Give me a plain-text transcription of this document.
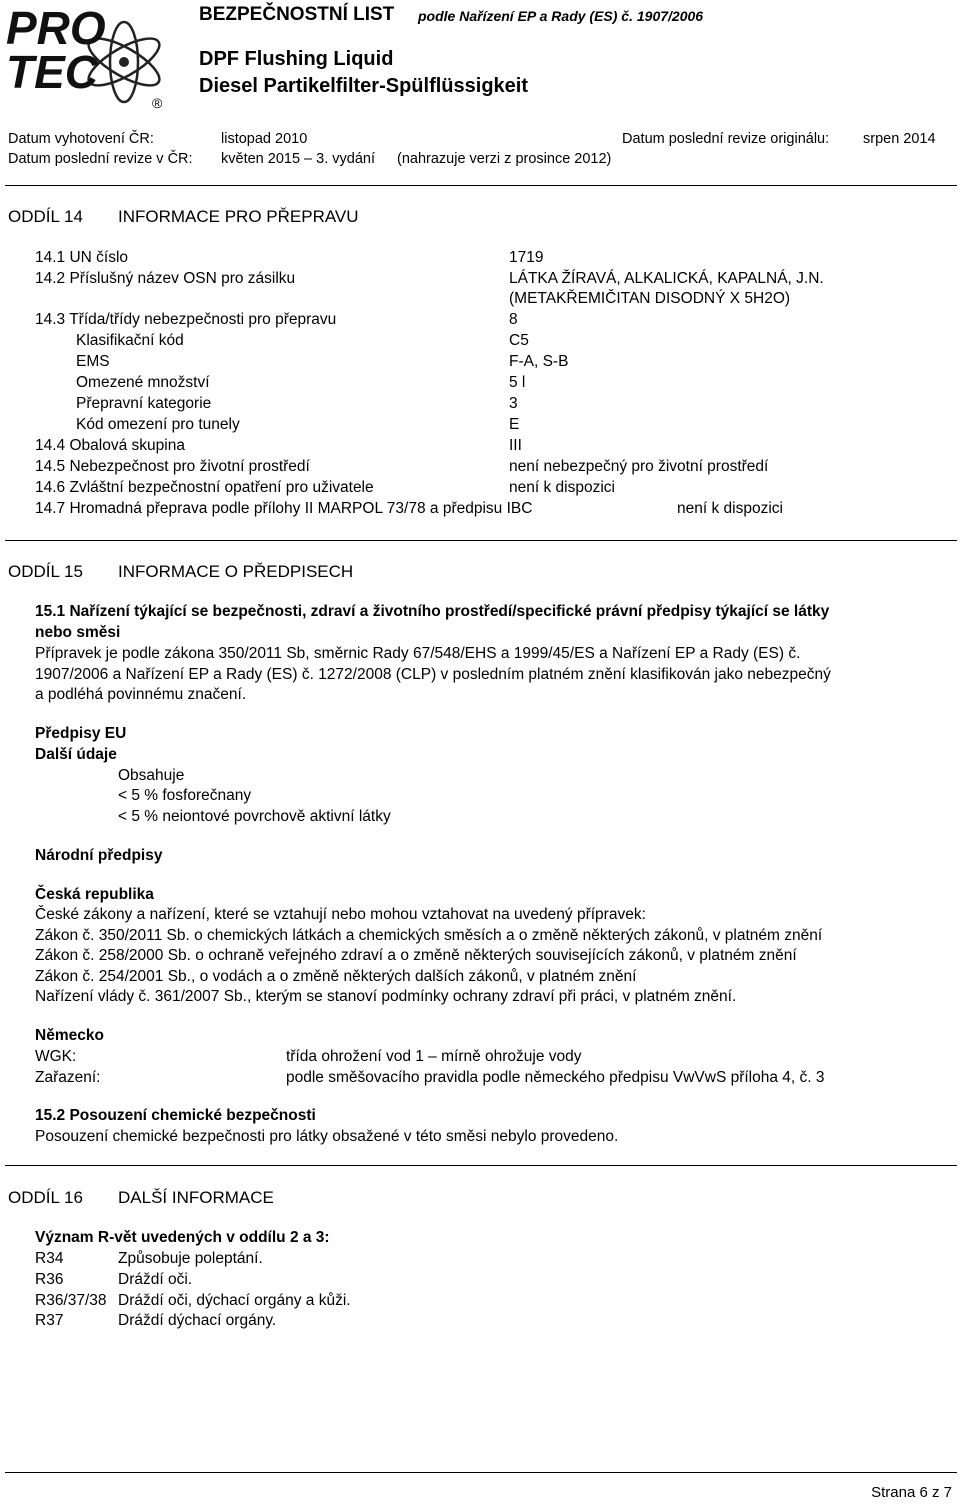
PRO
TEC
®
BEZPEČNOSTNÍ LIST podle Nařízení EP a Rady (ES) č. 1907/2006
DPF Flushing Liquid
Diesel Partikelfilter-Spülflüssigkeit
Datum vyhotovení ČR:	listopad 2010	Datum poslední revize originálu: srpen 2014
Datum poslední revize v ČR: květen 2015 – 3. vydání (nahrazuje verzi z prosince 2012)
ODDÍL 14 INFORMACE PRO PŘEPRAVU
14.1 UN číslo	1719
14.2 Příslušný název OSN pro zásilku	LÁTKA ŽÍRAVÁ, ALKALICKÁ, KAPALNÁ, J.N.
(METAKŘEMIČITAN DISODNÝ X 5H2O)
14.3 Třída/třídy nebezpečnosti pro přepravu	8
Klasifikační kód	C5
EMS	F-A, S-B
Omezené množství	5 l
Přepravní kategorie	3
Kód omezení pro tunely	E
14.4 Obalová skupina	III
14.5 Nebezpečnost pro životní prostředí	není nebezpečný pro životní prostředí
14.6 Zvláštní bezpečnostní opatření pro uživatele	není k dispozici
14.7 Hromadná přeprava podle přílohy II MARPOL 73/78 a předpisu IBC	není k dispozici
ODDÍL 15 INFORMACE O PŘEDPISECH
15.1 Nařízení týkající se bezpečnosti, zdraví a životního prostředí/specifické právní předpisy týkající se látky
nebo směsi
Přípravek je podle zákona 350/2011 Sb, směrnic Rady 67/548/EHS a 1999/45/ES a Nařízení EP a Rady (ES) č.
1907/2006 a Nařízení EP a Rady (ES) č. 1272/2008 (CLP) v posledním platném znění klasifikován jako nebezpečný
a podléhá povinnému značení.
Předpisy EU
Další údaje
Obsahuje
< 5 % fosforečnany
< 5 % neiontové povrchově aktivní látky
Národní předpisy
Česká republika
České zákony a nařízení, které se vztahují nebo mohou vztahovat na uvedený přípravek:
Zákon č. 350/2011 Sb. o chemických látkách a chemických směsích a o změně některých zákonů, v platném znění
Zákon č. 258/2000 Sb. o ochraně veřejného zdraví a o změně některých souvisejících zákonů, v platném znění
Zákon č. 254/2001 Sb., o vodách a o změně některých dalších zákonů, v platném znění
Nařízení vlády č. 361/2007 Sb., kterým se stanoví podmínky ochrany zdraví při práci, v platném znění.
Německo
WGK:	třída ohrožení vod 1 – mírně ohrožuje vody
Zařazení:	podle směšovacího pravidla podle německého předpisu VwVwS příloha 4, č. 3
15.2 Posouzení chemické bezpečnosti
Posouzení chemické bezpečnosti pro látky obsažené v této směsi nebylo provedeno.
ODDÍL 16 DALŠÍ INFORMACE
Význam R-vět uvedených v oddílu 2 a 3:
R34	Způsobuje poleptání.
R36	Dráždí oči.
R36/37/38 Dráždí oči, dýchací orgány a kůži.
R37	Dráždí dýchací orgány.
Strana 6 z 7
